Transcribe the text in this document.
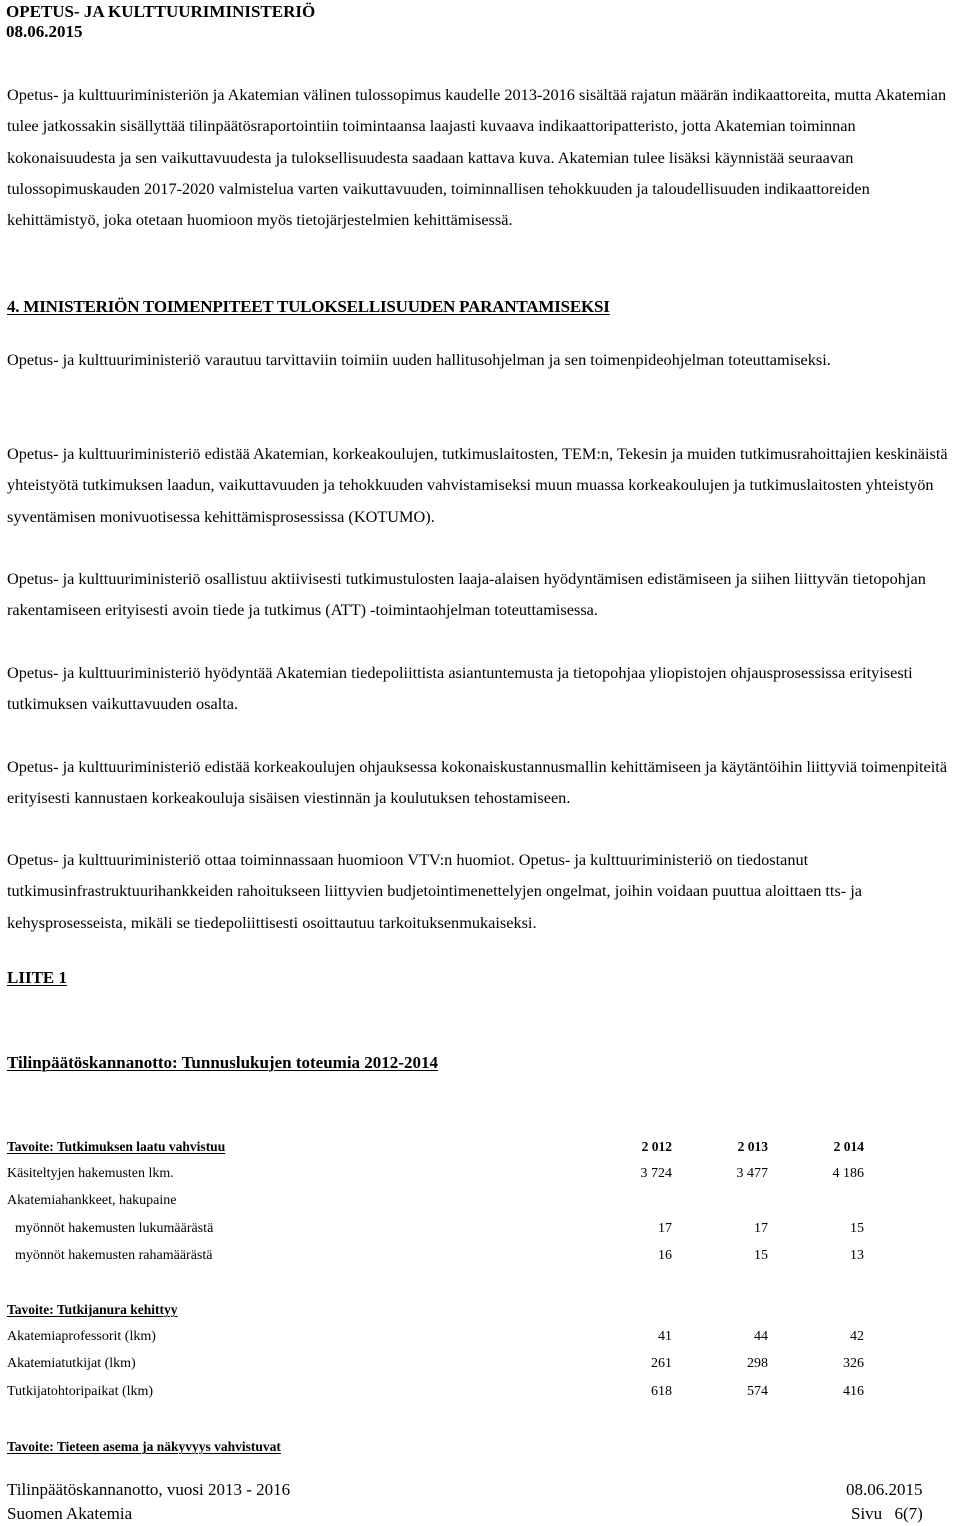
OPETUS- JA KULTTUURIMINISTERIÖ
08.06.2015

Opetus- ja kulttuuriministeriön ja Akatemian välinen tulossopimus kaudelle 2013-2016 sisältää rajatun määrän indikaattoreita, mutta Akatemian tulee jatkossakin sisällyttää tilinpäätösraportointiin toimintaansa laajasti kuvaava indikaattoripatteristo, jotta Akatemian toiminnan kokonaisuudesta ja sen vaikuttavuudesta ja tuloksellisuudesta saadaan kattava kuva. Akatemian tulee lisäksi käynnistää seuraavan tulossopimuskauden 2017-2020 valmistelua varten vaikuttavuuden, toiminnallisen tehokkuuden ja taloudellisuuden indikaattoreiden kehittämistyö, joka otetaan huomioon myös tietojärjestelmien kehittämisessä.

4. MINISTERIÖN TOIMENPITEET TULOKSELLISUUDEN PARANTAMISEKSI

Opetus- ja kulttuuriministeriö varautuu tarvittaviin toimiin uuden hallitusohjelman ja sen toimenpideohjelman toteuttamiseksi.

Opetus- ja kulttuuriministeriö edistää Akatemian, korkeakoulujen, tutkimuslaitosten, TEM:n, Tekesin ja muiden tutkimusrahoittajien keskinäistä yhteistyötä tutkimuksen laadun, vaikuttavuuden ja tehokkuuden vahvistamiseksi muun muassa korkeakoulujen ja tutkimuslaitosten yhteistyön syventämisen monivuotisessa kehittämisprosessissa (KOTUMO).

Opetus- ja kulttuuriministeriö osallistuu aktiivisesti tutkimustulosten laaja-alaisen hyödyntämisen edistämiseen ja siihen liittyvän tietopohjan rakentamiseen erityisesti avoin tiede ja tutkimus (ATT) -toimintaohjelman toteuttamisessa.

Opetus- ja kulttuuriministeriö hyödyntää Akatemian tiedepoliittista asiantuntemusta ja tietopohjaa yliopistojen ohjausprosessissa erityisesti tutkimuksen vaikuttavuuden osalta.

Opetus- ja kulttuuriministeriö edistää korkeakoulujen ohjauksessa kokonaiskustannusmallin kehittämiseen ja käytäntöihin liittyviä toimenpiteitä erityisesti kannustaen korkeakouluja sisäisen viestinnän ja koulutuksen tehostamiseen.

Opetus- ja kulttuuriministeriö ottaa toiminnassaan huomioon VTV:n huomiot. Opetus- ja kulttuuriministeriö on tiedostanut tutkimusinfrastruktuurihankkeiden rahoitukseen liittyvien budjetointimenettelyjen ongelmat, joihin voidaan puuttua aloittaen tts- ja kehysprosesseista, mikäli se tiedepoliittisesti osoittautuu tarkoituksenmukaiseksi.

LIITE 1
Tilinpäätöskannanotto: Tunnuslukujen toteumia 2012-2014
Tavoite: Tutkimuksen laatu vahvistuu	2 012	2 013	2 014
Käsiteltyjen hakemusten lkm.	3 724	3 477	4 186
Akatemiahankkeet, hakupaine
myönnöt hakemusten lukumäärästä	17	17	15
myönnöt hakemusten rahamäärästä	16	15	13
Tavoite: Tutkijanura kehittyy
Akatemiaprofessorit (lkm)	41	44	42
Akatemiatutkijat (lkm)	261	298	326
Tutkijatohtoripaikat (lkm)	618	574	416
Tavoite: Tieteen asema ja näkyvyys vahvistuvat
Tilinpäätöskannanotto, vuosi 2013 - 2016
Suomen Akatemia
08.06.2015
Sivu 6(7)
